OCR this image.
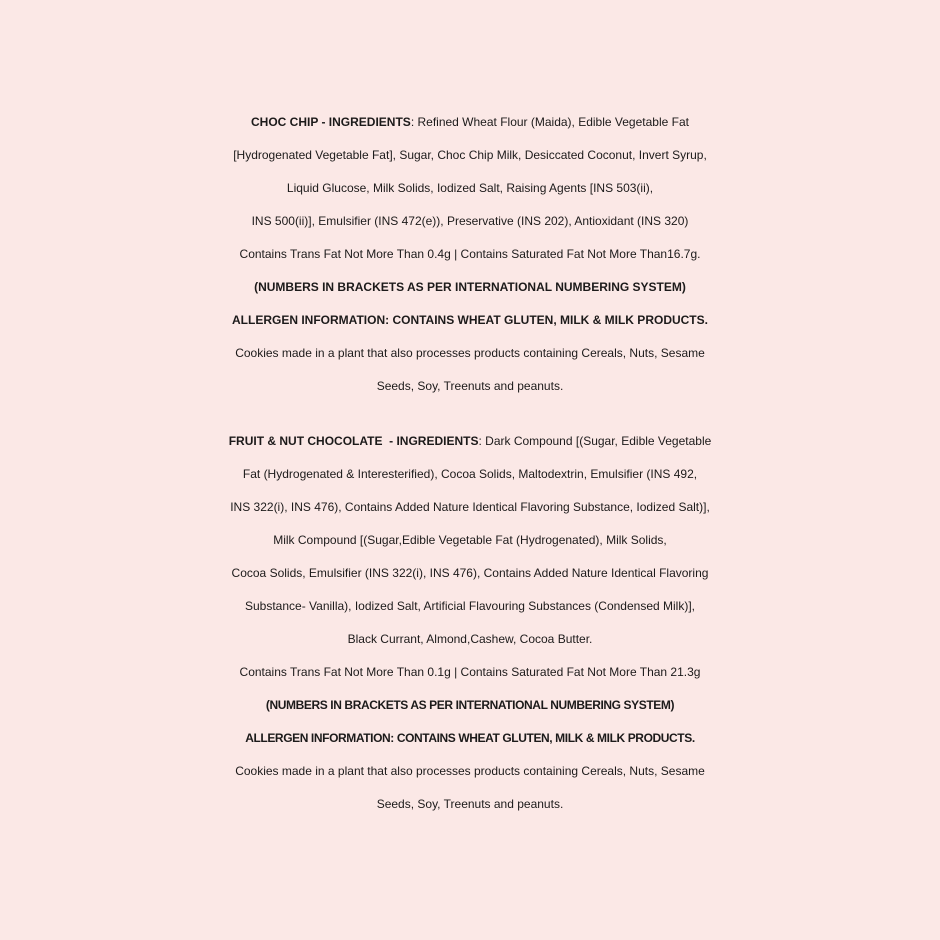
CHOC CHIP - INGREDIENTS: Refined Wheat Flour (Maida), Edible Vegetable Fat
[Hydrogenated Vegetable Fat], Sugar, Choc Chip Milk, Desiccated Coconut, Invert Syrup,
Liquid Glucose, Milk Solids, Iodized Salt, Raising Agents [INS 503(ii),
INS 500(ii)], Emulsifier (INS 472(e)), Preservative (INS 202), Antioxidant (INS 320)
Contains Trans Fat Not More Than 0.4g | Contains Saturated Fat Not More Than16.7g.
(NUMBERS IN BRACKETS AS PER INTERNATIONAL NUMBERING SYSTEM)
ALLERGEN INFORMATION: CONTAINS WHEAT GLUTEN, MILK & MILK PRODUCTS.
Cookies made in a plant that also processes products containing Cereals, Nuts, Sesame
Seeds, Soy, Treenuts and peanuts.
FRUIT & NUT CHOCOLATE  - INGREDIENTS: Dark Compound [(Sugar, Edible Vegetable
Fat (Hydrogenated & Interesterified), Cocoa Solids, Maltodextrin, Emulsifier (INS 492,
INS 322(i), INS 476), Contains Added Nature Identical Flavoring Substance, Iodized Salt)],
Milk Compound [(Sugar,Edible Vegetable Fat (Hydrogenated), Milk Solids,
Cocoa Solids, Emulsifier (INS 322(i), INS 476), Contains Added Nature Identical Flavoring
Substance- Vanilla), Iodized Salt, Artificial Flavouring Substances (Condensed Milk)],
Black Currant, Almond,Cashew, Cocoa Butter.
Contains Trans Fat Not More Than 0.1g | Contains Saturated Fat Not More Than 21.3g
(NUMBERS IN BRACKETS AS PER INTERNATIONAL NUMBERING SYSTEM)
ALLERGEN INFORMATION: CONTAINS WHEAT GLUTEN, MILK & MILK PRODUCTS.
Cookies made in a plant that also processes products containing Cereals, Nuts, Sesame
Seeds, Soy, Treenuts and peanuts.
